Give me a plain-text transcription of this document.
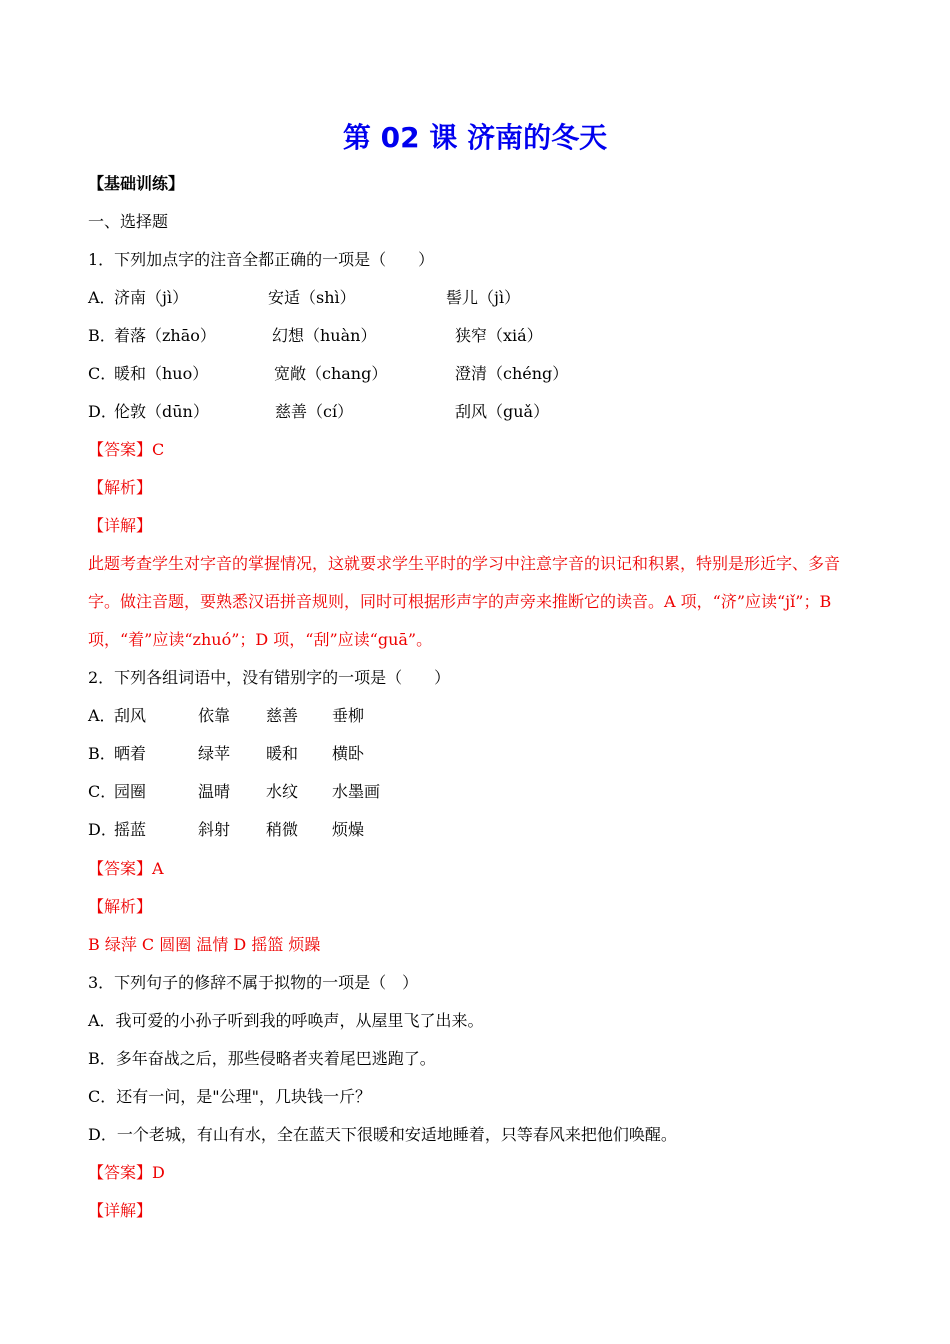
第 02 课 济南的冬天
【基础训练】
一、选择题
1．下列加点字的注音全都正确的一项是（　　）
A．
济南（jì）	安适（shì）	髻儿（jì）
B．
着落（zhāo）	幻想（huàn）	狭窄（xiá）
C．
暖和（huo）	宽敞（chang）	澄清（chéng）
D．
伦敦（dūn）	慈善（cí）	刮风（guǎ）
【答案】C
【解析】
【详解】
此题考查学生对字音的掌握情况，这就要求学生平时的学习中注意字音的识记和积累，特别是形近字、多音字。做注音题，要熟悉汉语拼音规则，同时可根据形声字的声旁来推断它的读音。A 项，“济”应读“jǐ”；B 项，“着”应读“zhuó”；D 项，“刮”应读“guā”。
2．下列各组词语中，没有错别字的一项是（　　）
A．
刮风	依靠 慈善 垂柳
B．
晒着	绿苹 暖和 横卧
C．
园圈	温晴 水纹 水墨画
D．
摇蓝	斜射 稍微 烦燥
【答案】A
【解析】
B 绿萍 C 圆圈 温情 D 摇篮 烦躁
3．下列句子的修辞不属于拟物的一项是（　）
A．我可爱的小孙子听到我的呼唤声，从屋里飞了出来。
B．多年奋战之后，那些侵略者夹着尾巴逃跑了。
C．还有一问，是"公理"，几块钱一斤？
D．一个老城，有山有水，全在蓝天下很暖和安适地睡着，只等春风来把他们唤醒。
【答案】D
【详解】
